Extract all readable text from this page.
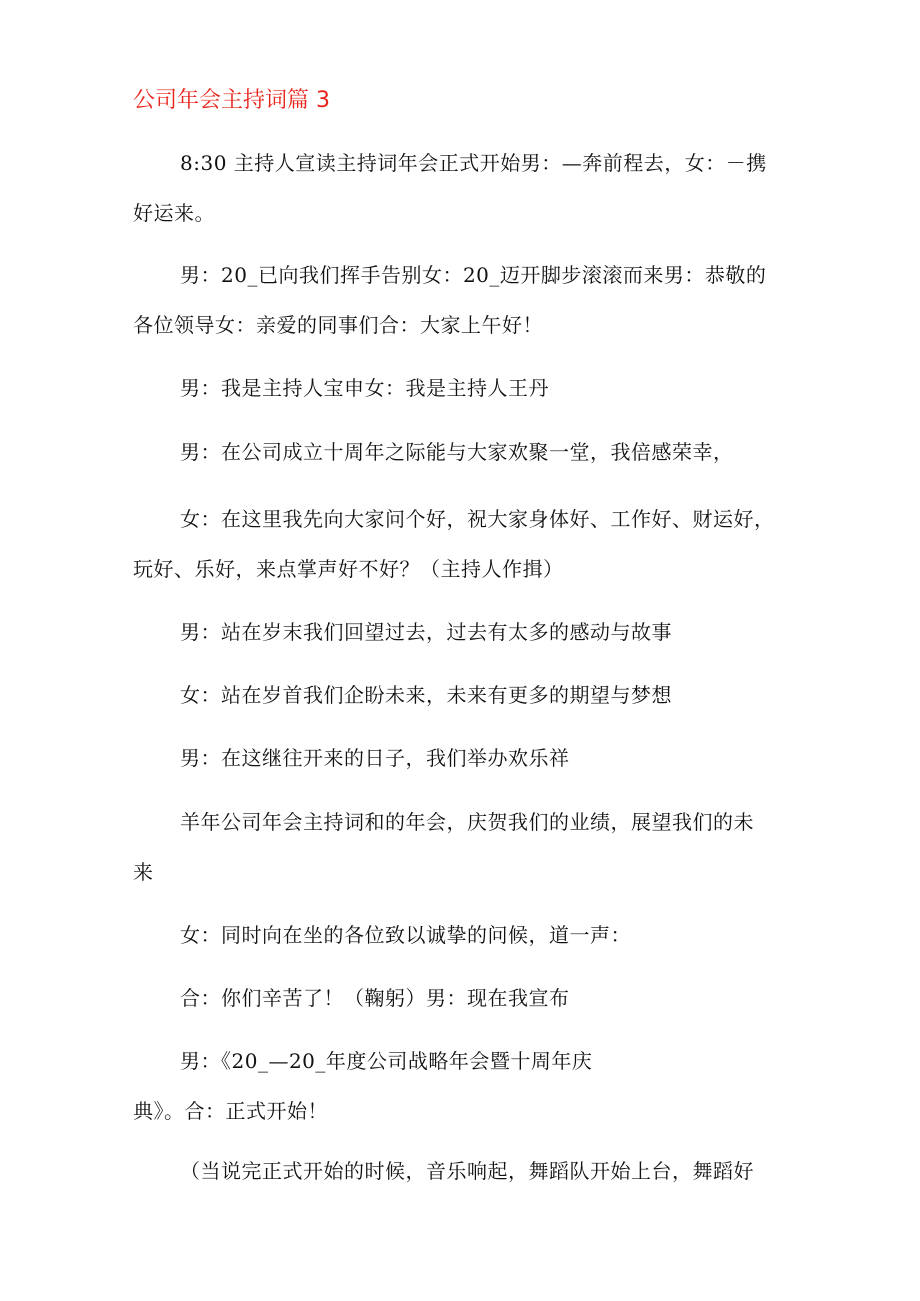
公司年会主持词篇 3
8:30 主持人宣读主持词年会正式开始男：—奔前程去，女：－携
好运来。
男：20_已向我们挥手告别女：20_迈开脚步滚滚而来男：恭敬的
各位领导女：亲爱的同事们合：大家上午好！
男：我是主持人宝申女：我是主持人王丹
男：在公司成立十周年之际能与大家欢聚一堂，我倍感荣幸，
女：在这里我先向大家问个好，祝大家身体好、工作好、财运好，
玩好、乐好，来点掌声好不好？（主持人作揖）
男：站在岁末我们回望过去，过去有太多的感动与故事
女：站在岁首我们企盼未来，未来有更多的期望与梦想
男：在这继往开来的日子，我们举办欢乐祥
羊年公司年会主持词和的年会，庆贺我们的业绩，展望我们的未
来
女：同时向在坐的各位致以诚挚的问候，道一声：
合：你们辛苦了！（鞠躬）男：现在我宣布
男：《20_—20_年度公司战略年会暨十周年庆
典》。合：正式开始！
（当说完正式开始的时候，音乐响起，舞蹈队开始上台，舞蹈好
